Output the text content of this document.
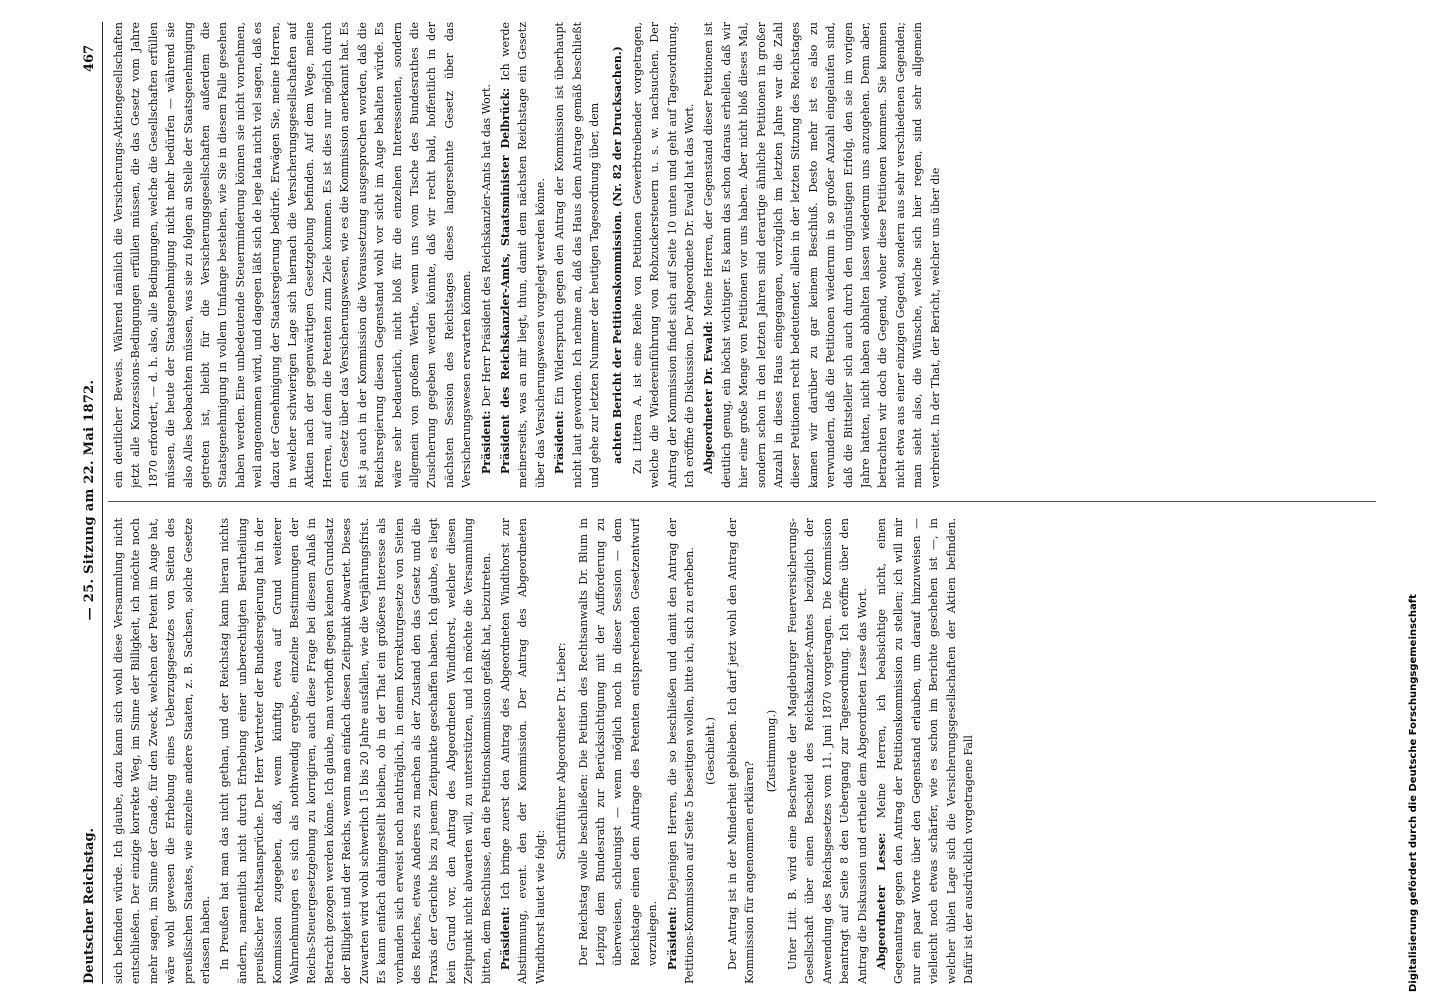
Deutscher Reichstag.
— 25. Sitzung am 22. Mai 1872.
467

sich befinden würde. Ich glaube, dazu kann sich wohl diese Versammlung nicht entschließen. Der einzige korrekte Weg, im Sinne der Billigkeit, ich möchte noch mehr sagen, im Sinne der Gnade, für den Zweck, welchen der Petent im Auge hat, wäre wohl gewesen die Erhebung eines Ueberzugsgesetzes von Seiten des preußischen Staates, wie einzelne andere Staaten, z. B. Sachsen, solche Gesetze erlassen haben. In Preußen hat man das nicht gethan, und der Reichstag kann hieran nichts ändern, namentlich nicht durch Erhebung einer unberechtigten Beurtheilung preußischer Rechtsansprüche. Der Herr Vertreter der Bundesregierung hat in der Kommission zugegeben, daß, wenn künftig etwa auf Grund weiterer Wahrnehmungen es sich als nothwendig ergebe, einzelne Bestimmungen der Reichs-Steuergesetzgebung zu korrigiren, auch diese Frage bei diesem Anlaß in Betracht gezogen werden könne. Ich glaube, man verhofft gegen keinen Grundsatz der Billigkeit und der Reichs, wenn man einfach diesen Zeitpunkt abwartet. Dieses Zuwarten wird wohl schwerlich 15 bis 20 Jahre ausfallen, wie die Verjährungsfrist. Es kann einfach dahingestellt bleiben, ob in der That ein größeres Interesse als vorhanden sich erweist noch nachträglich, in einem Korrekturgesetze von Seiten des Reiches, etwas Anderes zu machen als der Zustand den das Gesetz und die Praxis der Gerichte bis zu jenem Zeitpunkte geschaffen haben. Ich glaube, es liegt kein Grund vor, den Antrag des Abgeordneten Windthorst, welcher diesen Zeitpunkt nicht abwarten will, zu unterstützen, und ich möchte die Versammlung bitten, dem Beschlusse, den die Petitionskommission gefaßt hat, beizutreten. Präsident: Ich bringe zuerst den Antrag des Abgeordneten Windthorst zur Abstimmung, event. den der Kommission. Der Antrag des Abgeordneten Windthorst lautet wie folgt:

Schriftführer Abgeordneter Dr. Lieber: Der Reichstag wolle beschließen: Die Petition des Rechtsanwalts Dr. Blum in Leipzig dem Bundesrath zur Berücksichtigung mit der Aufforderung zu überweisen, schleunigst — wenn möglich noch in dieser Session — dem Reichstage einen dem Antrage des Petenten entsprechenden Gesetzentwurf vorzulegen. Präsident: Diejenigen Herren, die so beschließen und damit den Antrag der Petitions-Kommission auf Seite 5 beseitigen wollen, bitte ich, sich zu erheben. (Geschieht.) Der Antrag ist in der Minderheit geblieben. Ich darf jetzt wohl den Antrag der Kommission für angenommen erklären?

(Zustimmung.) Unter Litt. B. wird eine Beschwerde der Magdeburger Feuerversicherungs-Gesellschaft über einen Bescheid des Reichskanzler-Amtes bezüglich der Anwendung des Reichsgesetzes vom 11. Juni 1870 vorgetragen. Die Kommission beantragt auf Seite 8 den Uebergang zur Tagesordnung. Ich eröffne über den Antrag die Diskussion und ertheile dem Abgeordneten Lesse das Wort. Abgeordneter Lesse: Meine Herren, ich beabsichtige nicht, einen Gegenantrag gegen den Antrag der Petitionskommission zu stellen; ich will mir nur ein paar Worte über den Gegenstand erlauben, um darauf hinzuweisen — vielleicht noch etwas schärfer, wie es schon im Berichte geschehen ist —, in welcher üblen Lage sich die Versicherungsgesellschaften der Aktien befinden. Dafür ist der ausdrücklich vorgetragene Fall

ein deutlicher Beweis. Während nämlich die Versicherungs-Aktiengesellschaften jetzt alle Konzessions-Bedingungen erfüllen müssen, die das Gesetz vom Jahre 1870 erfordert, — d. h. also, alle Bedingungen, welche die Gesellschaften erfüllen müssen, die heute der Staatsgenehmigung nicht mehr bedürfen — während sie also Alles beobachten müssen, was sie zu folgen an Stelle der Staatsgenehmigung getreten ist, bleibt für die Versicherungsgesellschaften außerdem die Staatsgenehmigung in vollem Umfange bestehen, wie Sie in diesem Falle gesehen haben werden. Eine unbedeutende Steuerminderung können sie nicht vornehmen, weil angenommen wird, und dagegen läßt sich de lege lata nicht viel sagen, daß es dazu der Genehmigung der Staatsregierung bedürfe. Erwägen Sie, meine Herren, in welcher schwierigen Lage sich hiernach die Versicherungsgesellschaften auf Aktien nach der gegenwärtigen Gesetzgebung befinden. Auf dem Wege, meine Herren, auf dem die Petenten zum Ziele kommen. Es ist dies nur möglich durch ein Gesetz über das Versicherungswesen, wie es die Kommission anerkannt hat. Es ist ja auch in der Kommission die Voraussetzung ausgesprochen worden, daß die Reichsregierung diesen Gegenstand wohl vor sicht im Auge behalten würde. Es wäre sehr bedauerlich, nicht bloß für die einzelnen Interessenten, sondern allgemein von großem Werthe, wenn uns vom Tische des Bundesrathes die Zusicherung gegeben werden könnte, daß wir recht bald, hoffentlich in der nächsten Session des Reichstages dieses langersehnte Gesetz über das Versicherungswesen erwarten können. Präsident: Der Herr Präsident des Reichskanzler-Amts hat das Wort. Präsident des Reichskanzler-Amts, Staatsminister Delbrück: Ich werde meinerseits, was an mir liegt, thun, damit dem nächsten Reichstage ein Gesetz über das Versicherungswesen vorgelegt werden könne. Präsident: Ein Widerspruch gegen den Antrag der Kommission ist überhaupt nicht laut geworden. Ich nehme an, daß das Haus dem Antrage gemäß beschließt und gehe zur letzten Nummer der heutigen Tagesordnung über, dem achten Bericht der Petitionskommission. (Nr. 82 der Drucksachen.) Zu Littera A. ist eine Reihe von Petitionen Gewerbtreibender vorgetragen, welche die Wiedereinführung von Rohzuckersteuern u. s. w. nachsuchen. Der Antrag der Kommission findet sich auf Seite 10 unten und geht auf Tagesordnung. Ich eröffne die Diskussion. Der Abgeordnete Dr. Ewald hat das Wort. Abgeordneter Dr. Ewald: Meine Herren, der Gegenstand dieser Petitionen ist deutlich genug, ein höchst wichtiger. Es kann das schon daraus erhellen, daß wir hier eine große Menge von Petitionen vor uns haben. Aber nicht bloß dieses Mal, sondern schon in den letzten Jahren sind derartige ähnliche Petitionen in großer Anzahl in dieses Haus eingegangen, vorzüglich im letzten Jahre war die Zahl dieser Petitionen recht bedeutender, allein in der letzten Sitzung des Reichstages kamen wir darüber zu gar keinem Beschluß. Desto mehr ist es also zu verwundern, daß die Petitionen wiederum in so großer Anzahl eingelaufen sind, daß die Bittsteller sich auch durch den ungünstigen Erfolg, den sie im vorigen Jahre hatten, nicht haben abhalten lassen wiederum uns anzugehen. Denn aber, betrachten wir doch die Gegend, woher diese Petitionen kommen. Sie kommen nicht etwa aus einer einzigen Gegend, sondern aus sehr verschiedenen Gegenden; man sieht also, die Wünsche, welche sich hier regen, sind sehr allgemein verbreitet. In der That, der Bericht, welcher uns über die

Digitalisierung gefördert durch die Deutsche Forschungsgemeinschaft
